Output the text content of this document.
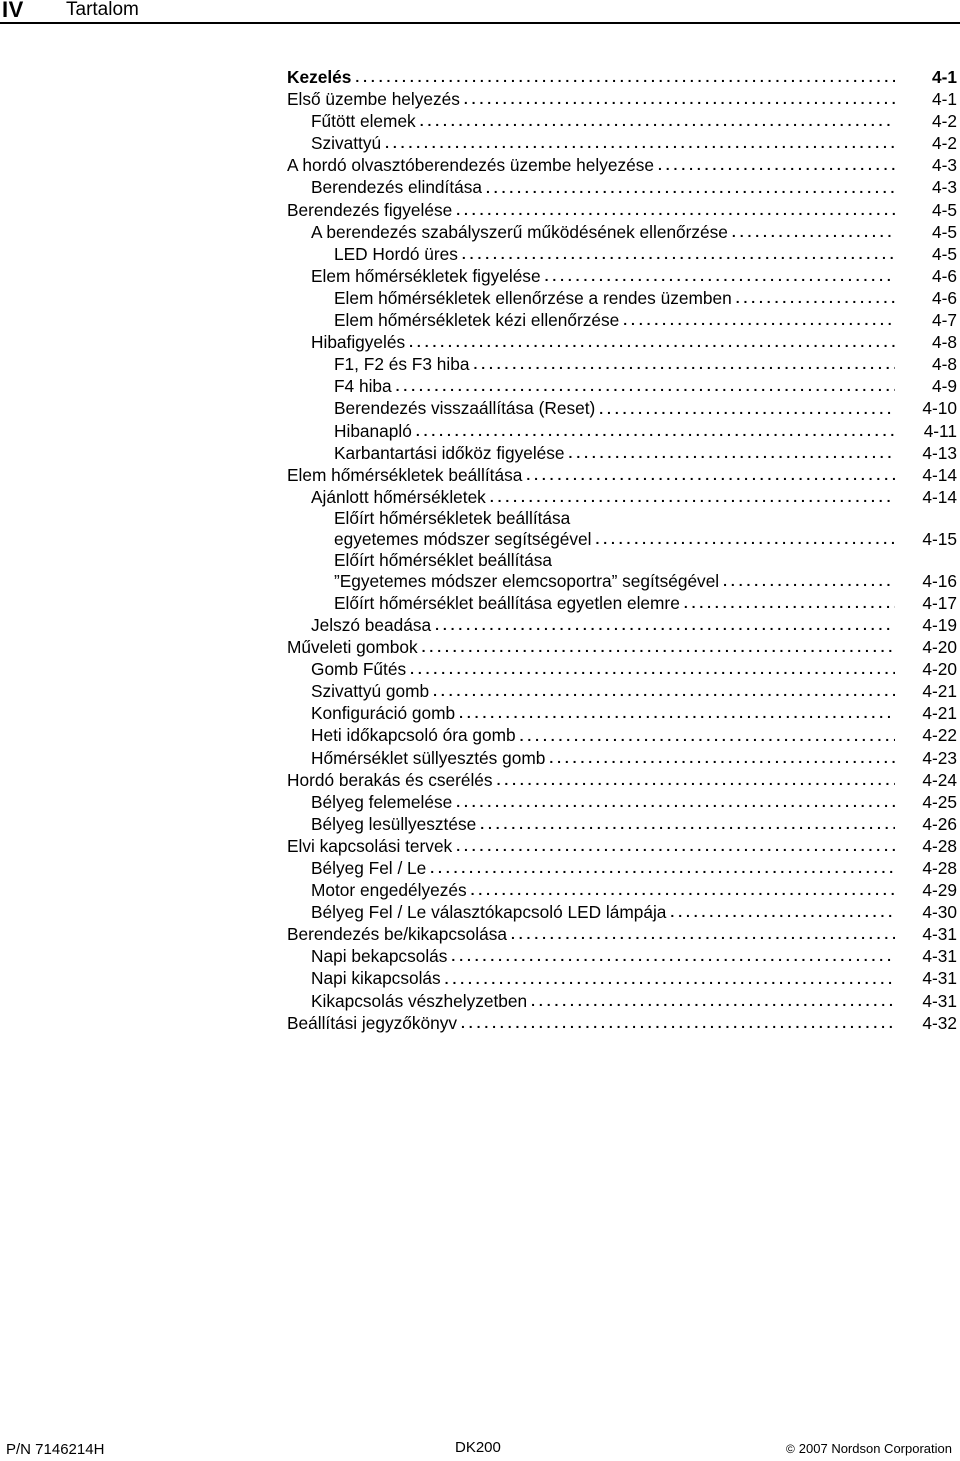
IV Tartalom
Kezelés . . .	4-1
Első üzembe helyezés . . .	4-1
Fűtött elemek . . .	4-2
Szivattyú . . .	4-2
A hordó olvasztóberendezés üzembe helyezése . . .	4-3
Berendezés elindítása . . .	4-3
Berendezés figyelése . . .	4-5
A berendezés szabályszerű működésének ellenőrzése . . .	4-5
LED Hordó üres . . .	4-5
Elem hőmérsékletek figyelése . . .	4-6
Elem hőmérsékletek ellenőrzése a rendes üzemben . . .	4-6
Elem hőmérsékletek kézi ellenőrzése . . .	4-7
Hibafigyelés . . .	4-8
F1, F2 és F3 hiba . . .	4-8
F4 hiba . . .	4-9
Berendezés visszaállítása (Reset) . . .	4-10
Hibanapló . . .	4-11
Karbantartási időköz figyelése . . .	4-13
Elem hőmérsékletek beállítása . . .	4-14
Ajánlott hőmérsékletek . . .	4-14
Előírt hőmérsékletek beállítása
egyetemes módszer segítségével . . .	4-15
Előírt hőmérséklet beállítása
”Egyetemes módszer elemcsoportra” segítségével . . .	4-16
Előírt hőmérséklet beállítása egyetlen elemre . . .	4-17
Jelszó beadása . . .	4-19
Műveleti gombok . . .	4-20
Gomb Fűtés . . .	4-20
Szivattyú gomb . . .	4-21
Konfiguráció gomb . . .	4-21
Heti időkapcsoló óra gomb . . .	4-22
Hőmérséklet süllyesztés gomb . . .	4-23
Hordó berakás és cserélés . . .	4-24
Bélyeg felemelése . . .	4-25
Bélyeg lesüllyesztése . . .	4-26
Elvi kapcsolási tervek . . .	4-28
Bélyeg Fel / Le . . .	4-28
Motor engedélyezés . . .	4-29
Bélyeg Fel / Le választókapcsoló LED lámpája . . .	4-30
Berendezés be/kikapcsolása . . .	4-31
Napi bekapcsolás . . .	4-31
Napi kikapcsolás . . .	4-31
Kikapcsolás vészhelyzetben . . .	4-31
Beállítási jegyzőkönyv . . .	4-32
P/N 7146214H	DK200	© 2007 Nordson Corporation
